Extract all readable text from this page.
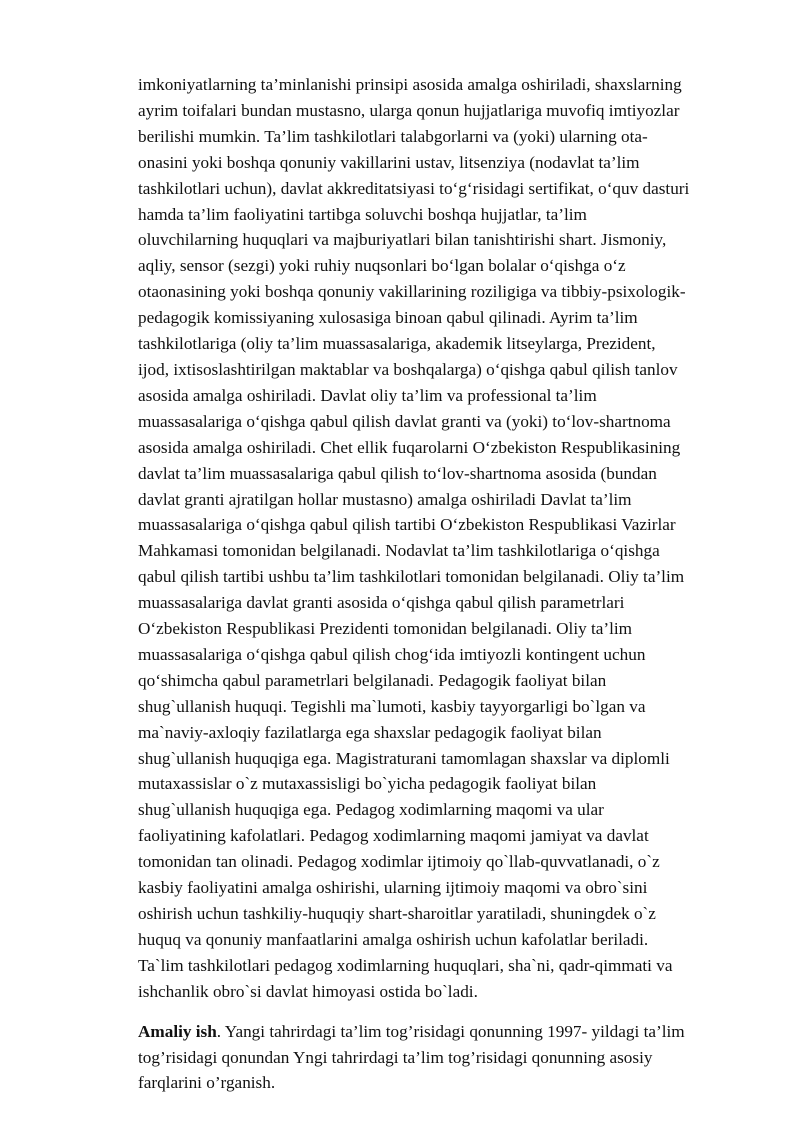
imkoniyatlarning ta’minlanishi prinsipi asosida amalga oshiriladi, shaxslarning
ayrim toifalari bundan mustasno, ularga qonun hujjatlariga muvofiq imtiyozlar
berilishi mumkin. Ta’lim tashkilotlari talabgorlarni va (yoki) ularning ota-
onasini yoki boshqa qonuniy vakillarini ustav, litsenziya (nodavlat ta’lim
tashkilotlari uchun), davlat akkreditatsiyasi to‘g‘risidagi sertifikat, o‘quv dasturi
hamda ta’lim faoliyatini tartibga soluvchi boshqa hujjatlar, ta’lim
oluvchilarning huquqlari va majburiyatlari bilan tanishtirishi shart. Jismoniy,
aqliy, sensor (sezgi) yoki ruhiy nuqsonlari bo‘lgan bolalar o‘qishga o‘z
otaonasining yoki boshqa qonuniy vakillarining roziligiga va tibbiy-psixologik-
pedagogik komissiyaning xulosasiga binoan qabul qilinadi. Ayrim ta’lim
tashkilotlariga (oliy ta’lim muassasalariga, akademik litseylarga, Prezident,
ijod, ixtisoslashtirilgan maktablar va boshqalarga) o‘qishga qabul qilish tanlov
asosida amalga oshiriladi. Davlat oliy ta’lim va professional ta’lim
muassasalariga o‘qishga qabul qilish davlat granti va (yoki) to‘lov-shartnoma
asosida amalga oshiriladi. Chet ellik fuqarolarni O‘zbekiston Respublikasining
davlat ta’lim muassasalariga qabul qilish to‘lov-shartnoma asosida (bundan
davlat granti ajratilgan hollar mustasno) amalga oshiriladi Davlat ta’lim
muassasalariga o‘qishga qabul qilish tartibi O‘zbekiston Respublikasi Vazirlar
Mahkamasi tomonidan belgilanadi. Nodavlat ta’lim tashkilotlariga o‘qishga
qabul qilish tartibi ushbu ta’lim tashkilotlari tomonidan belgilanadi. Oliy ta’lim
muassasalariga davlat granti asosida o‘qishga qabul qilish parametrlari
O‘zbekiston Respublikasi Prezidenti tomonidan belgilanadi. Oliy ta’lim
muassasalariga o‘qishga qabul qilish chog‘ida imtiyozli kontingent uchun
qo‘shimcha qabul parametrlari belgilanadi. Pedagogik faoliyat bilan
shug`ullanish huquqi. Tegishli ma`lumoti, kasbiy tayyorgarligi bo`lgan va
ma`naviy-axloqiy fazilatlarga ega shaxslar pedagogik faoliyat bilan
shug`ullanish huquqiga ega. Magistraturani tamomlagan shaxslar va diplomli
mutaxassislar o`z mutaxassisligi bo`yicha pedagogik faoliyat bilan
shug`ullanish huquqiga ega. Pedagog xodimlarning maqomi va ular
faoliyatining kafolatlari. Pedagog xodimlarning maqomi jamiyat va davlat
tomonidan tan olinadi. Pedagog xodimlar ijtimoiy qo`llab-quvvatlanadi, o`z
kasbiy faoliyatini amalga oshirishi, ularning ijtimoiy maqomi va obro`sini
oshirish uchun tashkiliy-huquqiy shart-sharoitlar yaratiladi, shuningdek o`z
huquq va qonuniy manfaatlarini amalga oshirish uchun kafolatlar beriladi.
Ta`lim tashkilotlari pedagog xodimlarning huquqlari, sha`ni, qadr-qimmati va
ishchanlik obro`si davlat himoyasi ostida bo`ladi.
Amaliy ish. Yangi tahrirdagi ta’lim tog’risidagi qonunning 1997- yildagi ta’lim
tog’risidagi qonundan Yngi tahrirdagi ta’lim tog’risidagi qonunning asosiy
farqlarini o’rganish.
